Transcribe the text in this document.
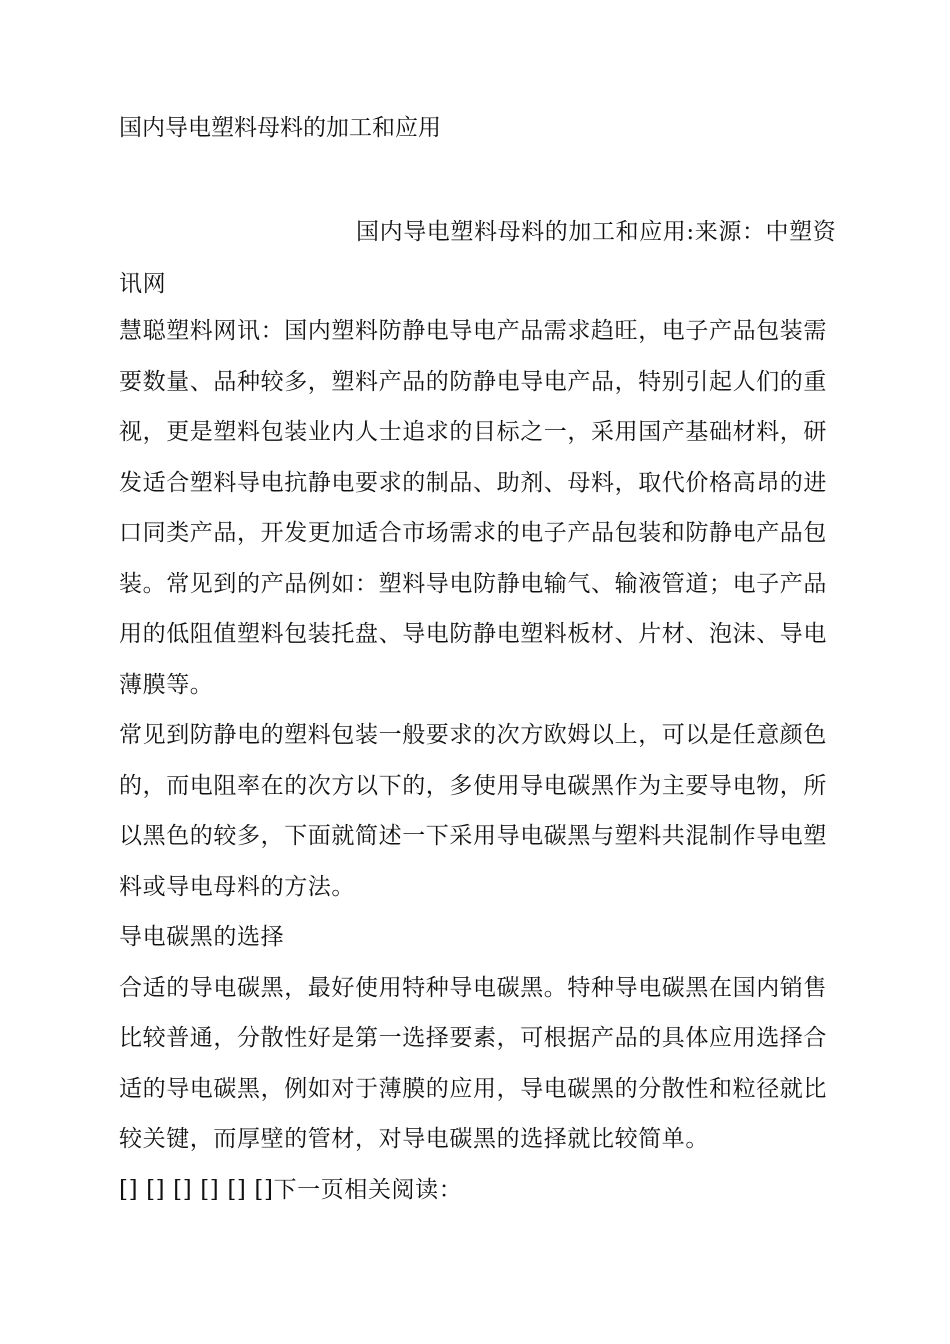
国内导电塑料母料的加工和应用
国内导电塑料母料的加工和应用:来源：中塑资讯网

慧聪塑料网讯：国内塑料防静电导电产品需求趋旺，电子产品包装需要数量、品种较多，塑料产品的防静电导电产品，特别引起人们的重视，更是塑料包装业内人士追求的目标之一，采用国产基础材料，研发适合塑料导电抗静电要求的制品、助剂、母料，取代价格高昂的进口同类产品，开发更加适合市场需求的电子产品包装和防静电产品包装。常见到的产品例如：塑料导电防静电输气、输液管道；电子产品用的低阻值塑料包装托盘、导电防静电塑料板材、片材、泡沫、导电薄膜等。

常见到防静电的塑料包装一般要求的次方欧姆以上，可以是任意颜色的，而电阻率在的次方以下的，多使用导电碳黑作为主要导电物，所以黑色的较多，下面就简述一下采用导电碳黑与塑料共混制作导电塑料或导电母料的方法。

导电碳黑的选择

合适的导电碳黑，最好使用特种导电碳黑。特种导电碳黑在国内销售比较普通，分散性好是第一选择要素，可根据产品的具体应用选择合适的导电碳黑，例如对于薄膜的应用，导电碳黑的分散性和粒径就比较关键，而厚壁的管材，对导电碳黑的选择就比较简单。

[] [] [] [] [] []下一页相关阅读：
